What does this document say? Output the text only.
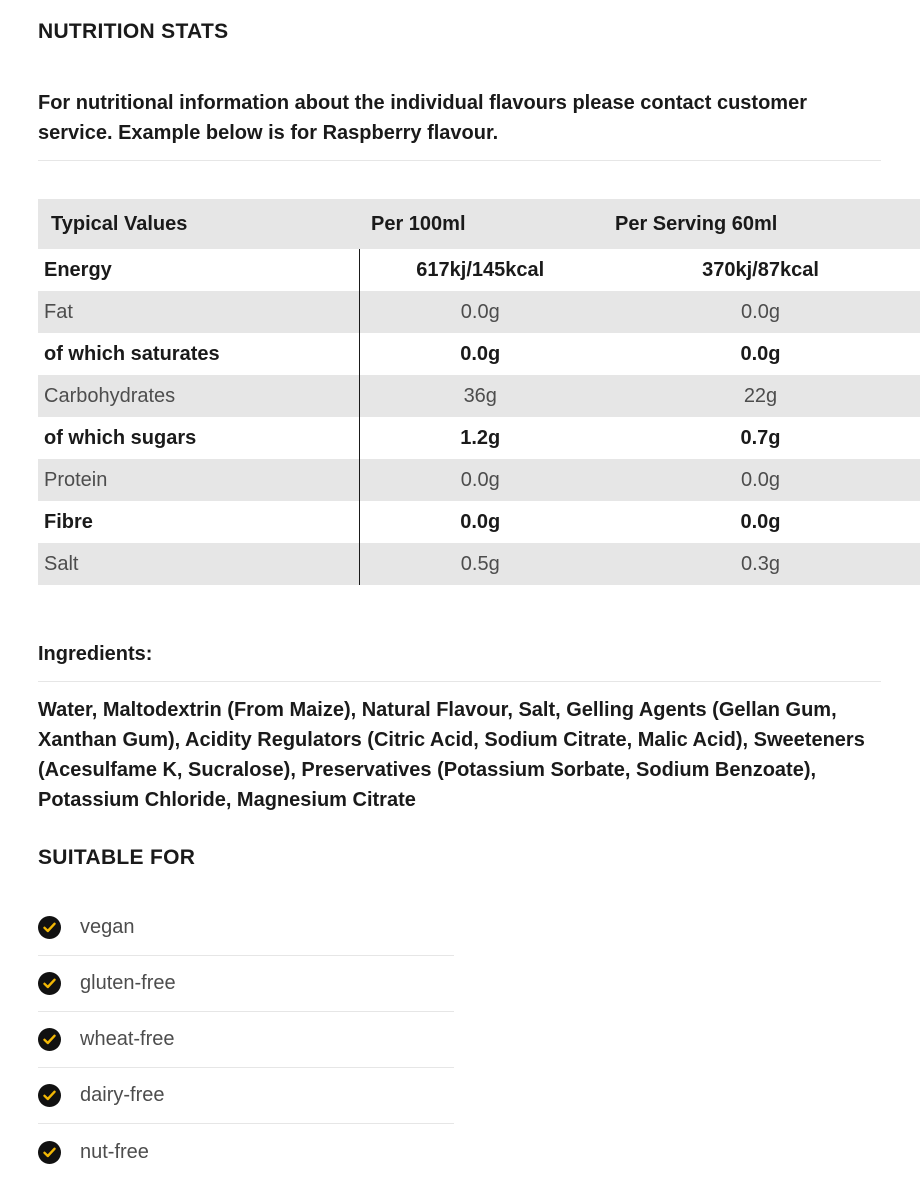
NUTRITION STATS

For nutritional information about the individual flavours please contact customer service. Example below is for Raspberry flavour.

Typical Values	Per 100ml	Per Serving 60ml
Energy	617kj/145kcal	370kj/87kcal
Fat	0.0g	0.0g
of which saturates	0.0g	0.0g
Carbohydrates	36g	22g
of which sugars	1.2g	0.7g
Protein	0.0g	0.0g
Fibre	0.0g	0.0g
Salt	0.5g	0.3g
Ingredients:

Water, Maltodextrin (From Maize), Natural Flavour, Salt, Gelling Agents (Gellan Gum, Xanthan Gum), Acidity Regulators (Citric Acid, Sodium Citrate, Malic Acid), Sweeteners (Acesulfame K, Sucralose), Preservatives (Potassium Sorbate, Sodium Benzoate), Potassium Chloride, Magnesium Citrate

SUITABLE FOR
vegan
gluten-free
wheat-free
dairy-free
nut-free
